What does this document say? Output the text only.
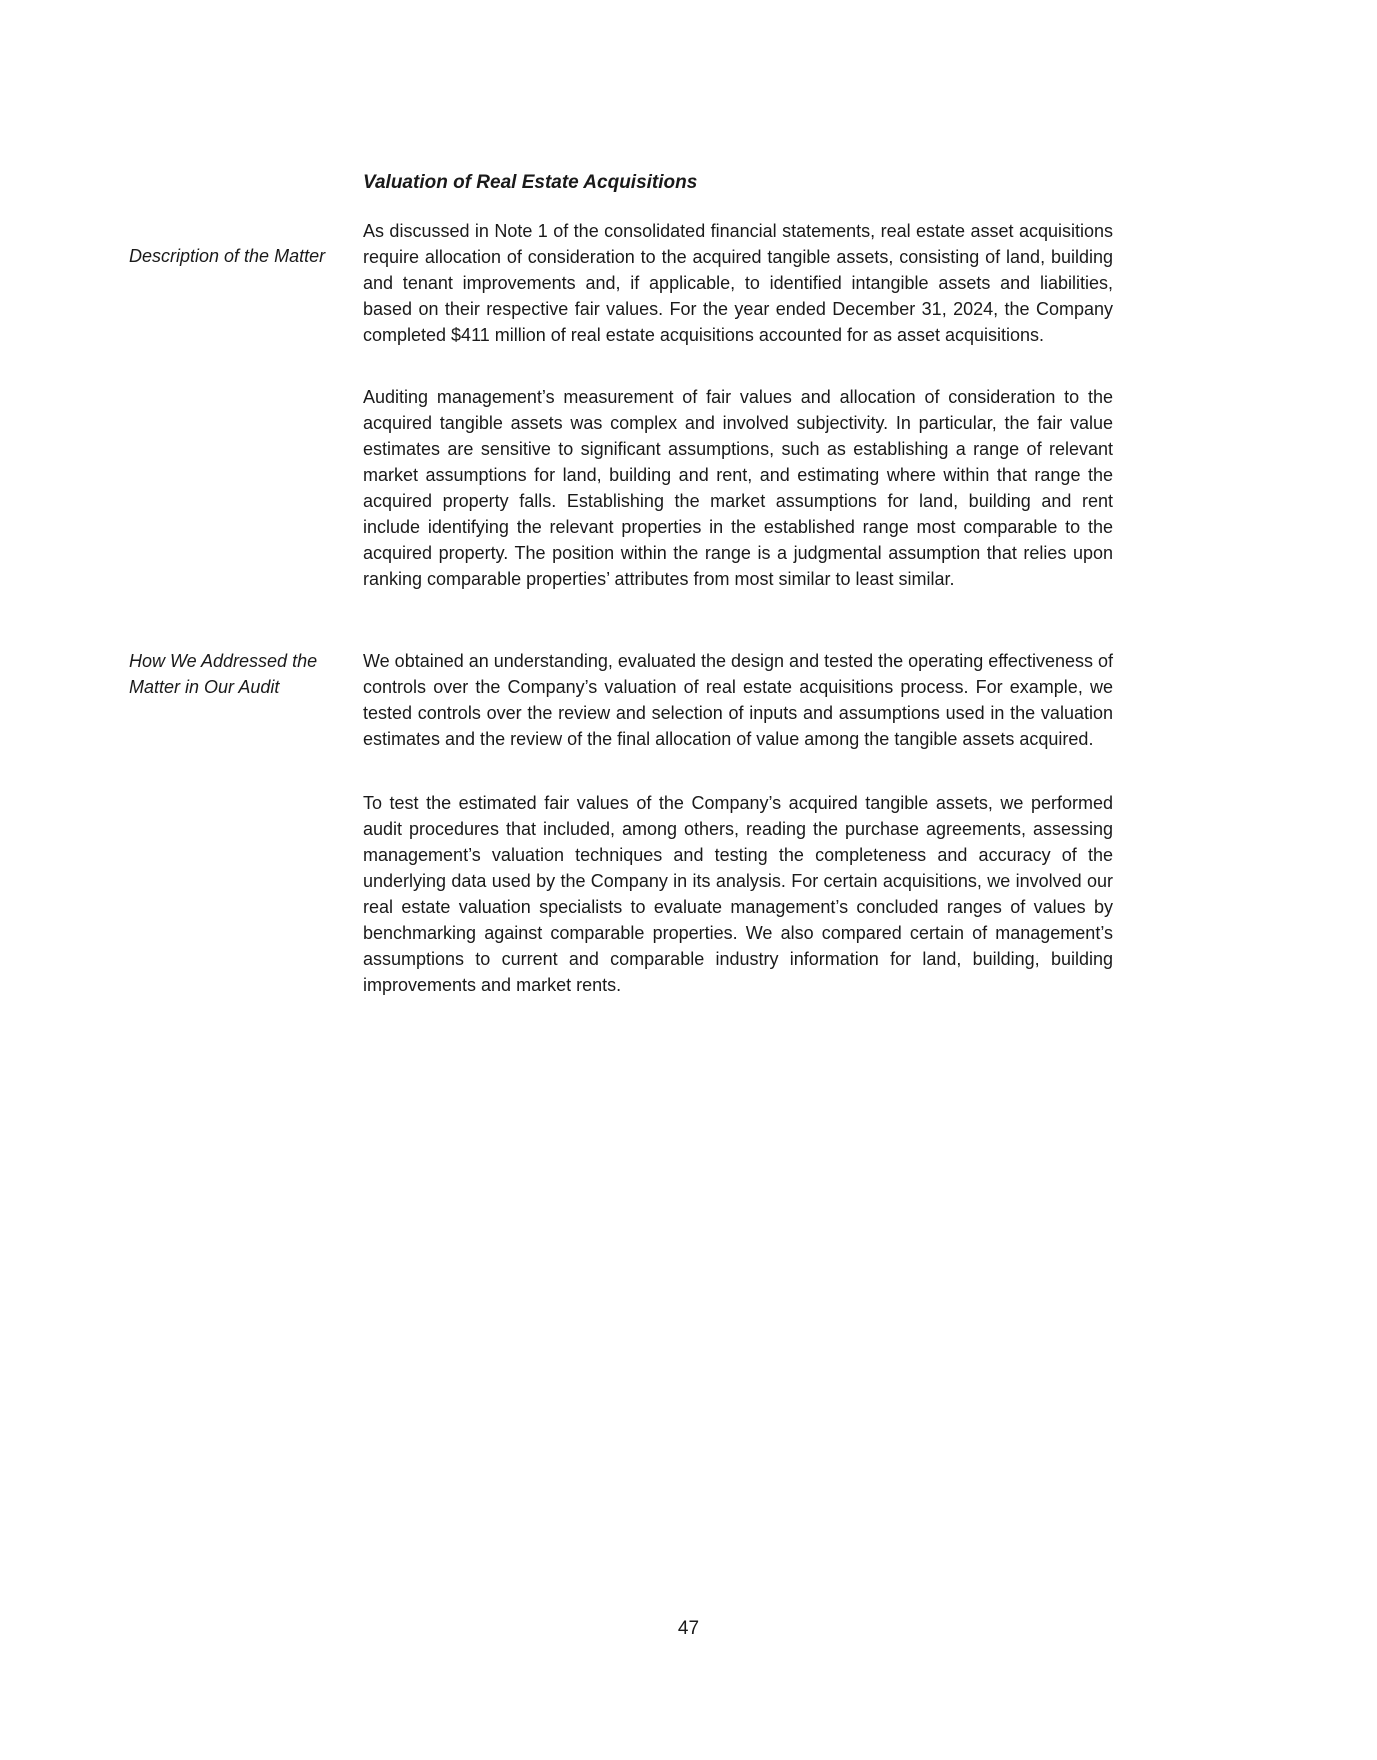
Valuation of Real Estate Acquisitions

Description of the Matter

As discussed in Note 1 of the consolidated financial statements, real estate asset acquisitions require allocation of consideration to the acquired tangible assets, consisting of land, building and tenant improvements and, if applicable, to identified intangible assets and liabilities, based on their respective fair values. For the year ended December 31, 2024, the Company completed $411 million of real estate acquisitions accounted for as asset acquisitions.

Auditing management’s measurement of fair values and allocation of consideration to the acquired tangible assets was complex and involved subjectivity. In particular, the fair value estimates are sensitive to significant assumptions, such as establishing a range of relevant market assumptions for land, building and rent, and estimating where within that range the acquired property falls. Establishing the market assumptions for land, building and rent include identifying the relevant properties in the established range most comparable to the acquired property. The position within the range is a judgmental assumption that relies upon ranking comparable properties’ attributes from most similar to least similar.

How We Addressed the Matter in Our Audit

We obtained an understanding, evaluated the design and tested the operating effectiveness of controls over the Company’s valuation of real estate acquisitions process. For example, we tested controls over the review and selection of inputs and assumptions used in the valuation estimates and the review of the final allocation of value among the tangible assets acquired.

To test the estimated fair values of the Company’s acquired tangible assets, we performed audit procedures that included, among others, reading the purchase agreements, assessing management’s valuation techniques and testing the completeness and accuracy of the underlying data used by the Company in its analysis. For certain acquisitions, we involved our real estate valuation specialists to evaluate management’s concluded ranges of values by benchmarking against comparable properties. We also compared certain of management’s assumptions to current and comparable industry information for land, building, building improvements and market rents.

47
